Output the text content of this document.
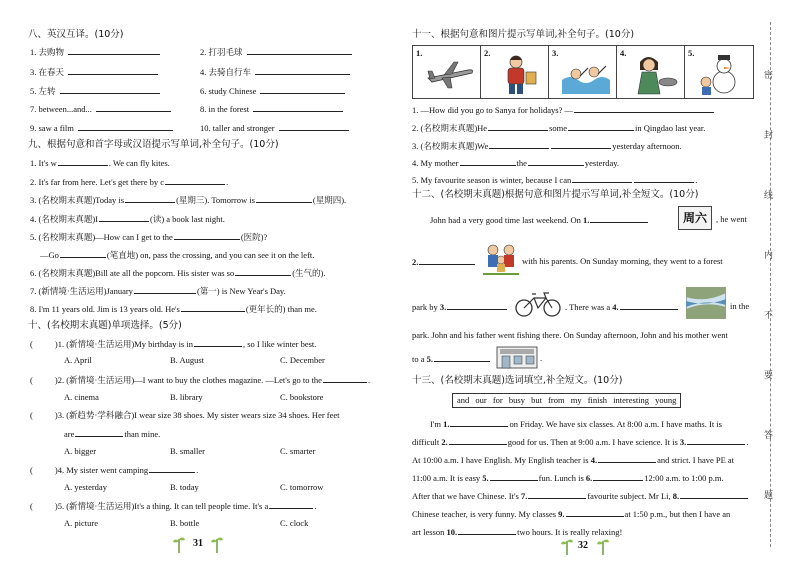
八、英汉互译。(10分)
1. 去购物	2. 打羽毛球
3. 在春天	4. 去骑自行车
5. 左转	6. study Chinese
7. between...and...	8. in the forest
9. saw a film	10. taller and stronger
九、根据句意和首字母或汉语提示写单词,补全句子。(10分)
1. It's w	. We can fly kites.
2. It's far from here. Let's get there by c	.
3. (名校期末真题)Today is	(星期三). Tomorrow is	(星期四).
4. (名校期末真题)I	(读) a book last night.
5. (名校期末真题)—How can I get to the	(医院)?
—Go	(笔直地) on, pass the crossing, and you can see it on the left.
6. (名校期末真题)Bill ate all the popcorn. His sister was so	(生气的).
7. (新情境·生活运用)January	(第一) is New Year's Day.
8. I'm 11 years old. Jim is 13 years old. He's	(更年长的) than me.
十、(名校期末真题)单项选择。(5分)
(	)1. (新情境·生活运用)My birthday is in	, so I like winter best.
A. April	B. August	C. December
(	)2. (新情境·生活运用)—I want to buy the clothes magazine. —Let's go to the	.
A. cinema	B. library	C. bookstore
(	)3. (新趋势·学科融合)I wear size 38 shoes. My sister wears size 34 shoes. Her feet
are	than mine.
A. bigger	B. smaller	C. smarter
(	)4. My sister went camping	.
A. yesterday	B. today	C. tomorrow
(	)5. (新情境·生活运用)It's a thing. It can tell people time. It's a	.
A. picture	B. bottle	C. clock
31
十一、根据句意和图片提示写单词,补全句子。(10分)
1.	2.	3.	4.	5.
1. —How did you go to Sanya for holidays? —
2. (名校期末真题)He	some	in Qingdao last year.
3. (名校期末真题)We	yesterday afternoon.
4. My mother	the	yesterday.
5. My favourite season is winter, because I can	.
十二、(名校期末真题)根据句意和图片提示写单词,补全短文。(10分)
John had a very good time last weekend. On 1.	周六	, he went
2.	with his parents. On Sunday morning, they went to a forest
park by 3.	. There was a 4.	in the
park. John and his father went fishing there. On Sunday afternoon, John and his mother went
to a 5.	.
十三、(名校期末真题)选词填空,补全短文。(10分)
and our for busy but from my finish interesting young
I'm 1.	on Friday. We have six classes. At 8:00 a.m. I have maths. It is
difficult 2.	good for us. Then at 9:00 a.m. I have science. It is 3.	.
At 10:00 a.m. I have English. My English teacher is 4.	and strict. I have PE at
11:00 a.m. It is easy 5.	fun. Lunch is 6.	12:00 a.m. to 1:00 p.m.
After that we have Chinese. It's 7.	favourite subject. Mr Li, 8.
Chinese teacher, is very funny. My classes 9.	at 1:50 p.m., but then I have an
art lesson 10.	two hours. It is really relaxing!
32
密
封
线
内
不
要
答
题
